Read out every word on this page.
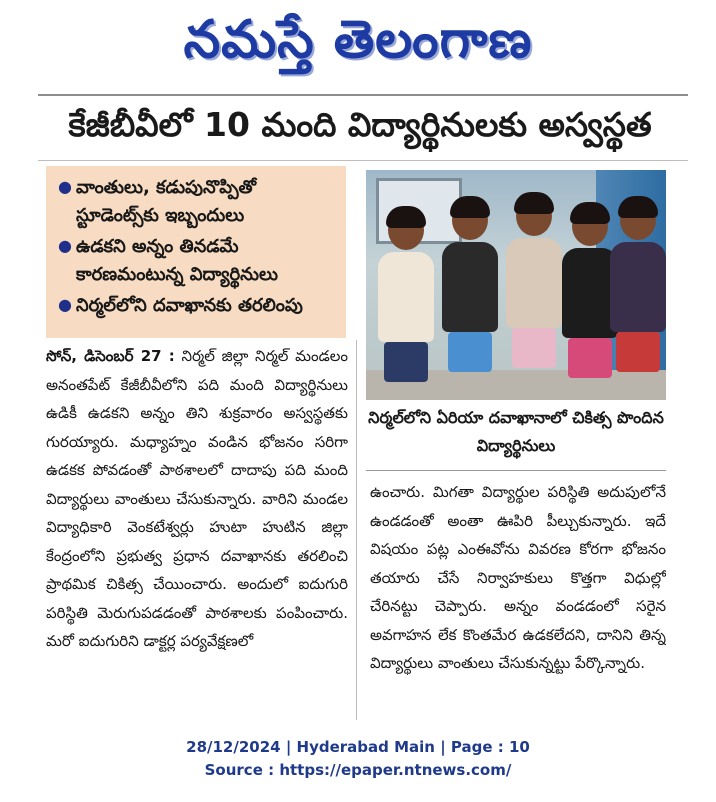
నమస్తే తెలంగాణ
కేజీబీవీలో 10 మంది విద్యార్థినులకు అస్వస్థత
● వాంతులు, కడుపునొప్పితో స్టూడెంట్స్‌కు ఇబ్బందులు
● ఉడకని అన్నం తినడమే కారణమంటున్న విద్యార్థినులు
● నిర్మల్‌లోని దవాఖానకు తరలింపు
నిర్మల్‌లోని ఏరియా దవాఖానాలో చికిత్స పొందిన విద్యార్థినులు
సోన్, డిసెంబర్ 27 : నిర్మల్ జిల్లా నిర్మల్ మండలం అనంతపేట్ కేజీబీవీలోని పది మంది విద్యార్థినులు ఉడికీ ఉడకని అన్నం తిని శుక్రవారం అస్వస్థతకు గురయ్యారు. మధ్యాహ్నం వండిన భోజనం సరిగా ఉడకక పోవడంతో పాఠశాలలో దాదాపు పది మంది విద్యార్థులు వాంతులు చేసుకున్నారు. వారిని మండల విద్యాధికారి వెంకటేశ్వర్లు హుటా హుటిన జిల్లా కేంద్రంలోని ప్రభుత్వ ప్రధాన దవాఖానకు తరలించి ప్రాథమిక చికిత్స చేయించారు. అందులో ఐదుగురి పరిస్థితి మెరుగుపడడంతో పాఠశాలకు పంపించారు. మరో ఐదుగురిని డాక్టర్ల పర్యవేక్షణలో
ఉంచారు. మిగతా విద్యార్థుల పరిస్థితి అదుపులోనే ఉండడంతో అంతా ఊపిరి పీల్చుకున్నారు. ఇదే విషయం పట్ల ఎంఈవోను వివరణ కోరగా భోజనం తయారు చేసే నిర్వాహకులు కొత్తగా విధుల్లో చేరినట్టు చెప్పారు. అన్నం వండడంలో సరైన అవగాహన లేక కొంతమేర ఉడకలేదని, దానిని తిన్న విద్యార్థులు వాంతులు చేసుకున్నట్టు పేర్కొన్నారు.
28/12/2024 | Hyderabad Main | Page : 10
Source : https://epaper.ntnews.com/
